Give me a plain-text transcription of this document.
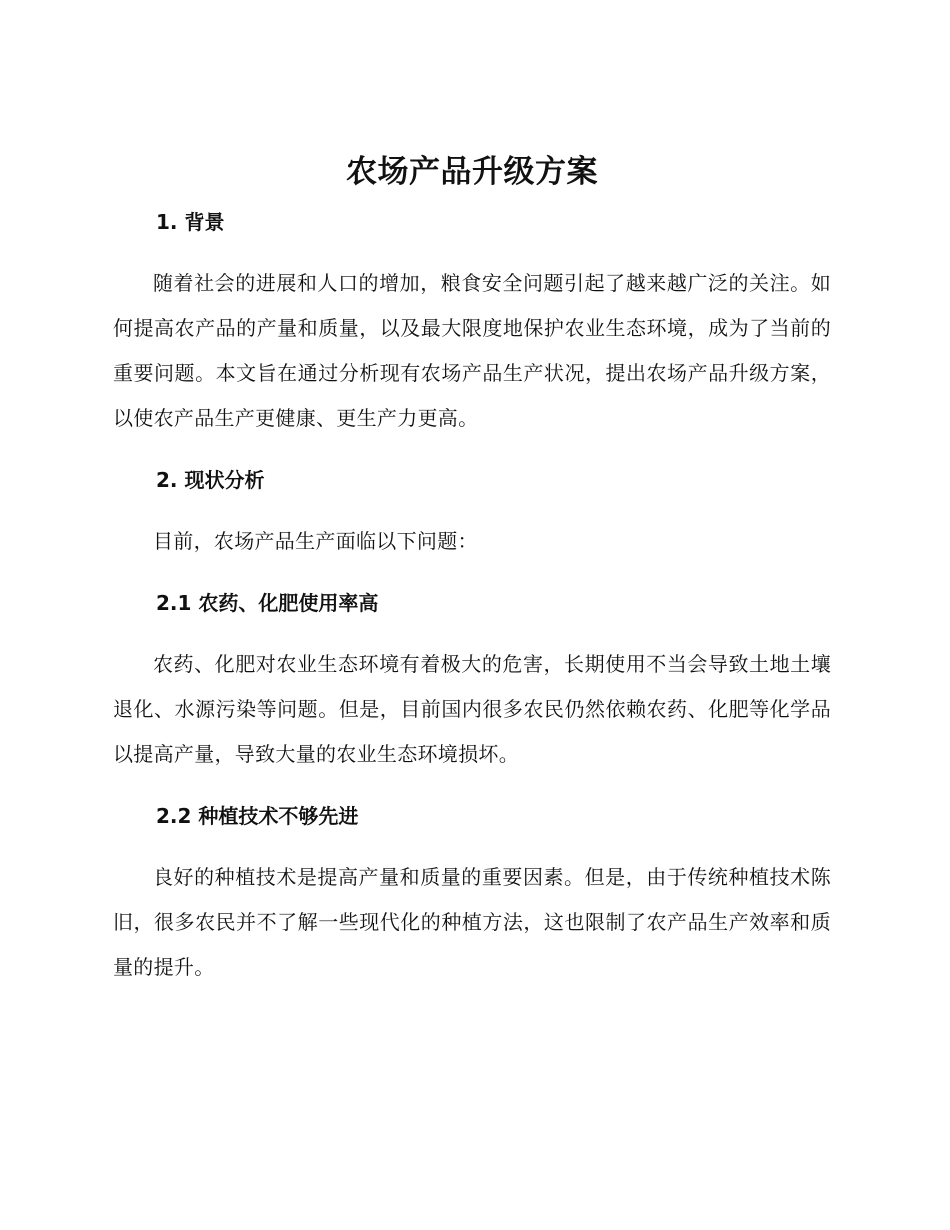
农场产品升级方案
1. 背景

随着社会的进展和人口的增加，粮食安全问题引起了越来越广泛的关注。如何提高农产品的产量和质量，以及最大限度地保护农业生态环境，成为了当前的重要问题。本文旨在通过分析现有农场产品生产状况，提出农场产品升级方案，以使农产品生产更健康、更生产力更高。

2. 现状分析

目前，农场产品生产面临以下问题：

2.1 农药、化肥使用率高

农药、化肥对农业生态环境有着极大的危害，长期使用不当会导致土地土壤退化、水源污染等问题。但是，目前国内很多农民仍然依赖农药、化肥等化学品以提高产量，导致大量的农业生态环境损坏。

2.2 种植技术不够先进

良好的种植技术是提高产量和质量的重要因素。但是，由于传统种植技术陈旧，很多农民并不了解一些现代化的种植方法，这也限制了农产品生产效率和质量的提升。
